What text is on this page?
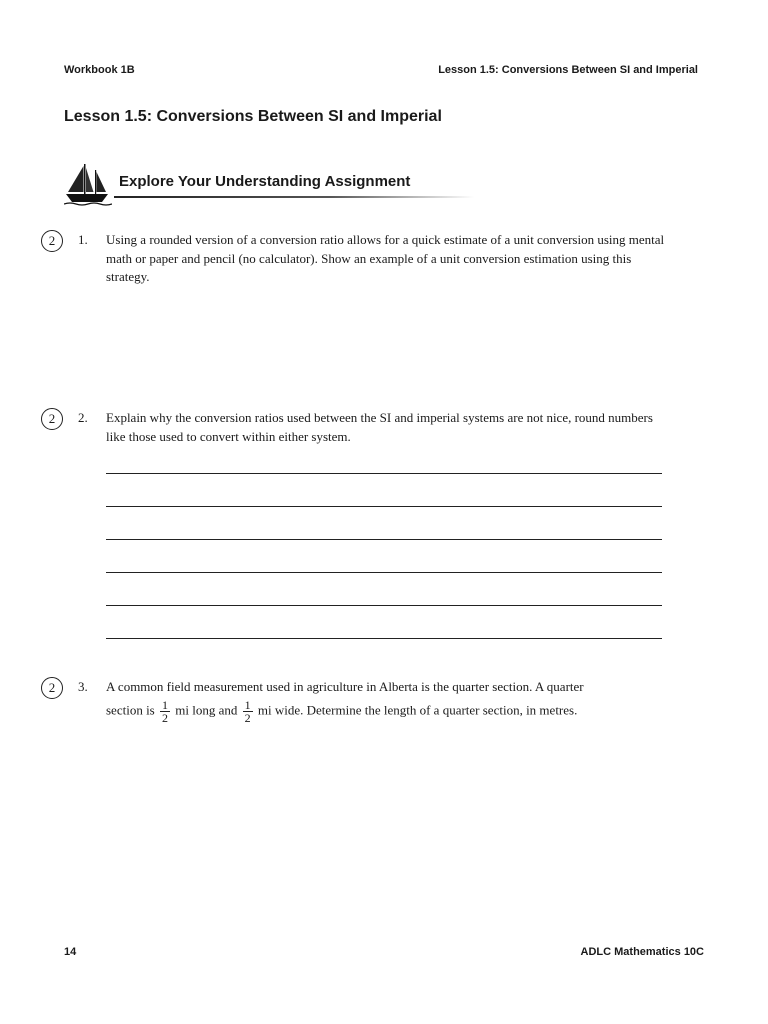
Workbook 1B	Lesson 1.5: Conversions Between SI and Imperial
Lesson 1.5: Conversions Between SI and Imperial
Explore Your Understanding Assignment
2	1. Using a rounded version of a conversion ratio allows for a quick estimate of a unit conversion using mental math or paper and pencil (no calculator). Show an example of a unit conversion estimation using this strategy.
2	2. Explain why the conversion ratios used between the SI and imperial systems are not nice, round numbers like those used to convert within either system.
2	3. A common field measurement used in agriculture in Alberta is the quarter section. A quarter
section is $\frac{1}{2}$ mi long and $\frac{1}{2}$ mi wide. Determine the length of a quarter section, in metres.
14	ADLC Mathematics 10C
